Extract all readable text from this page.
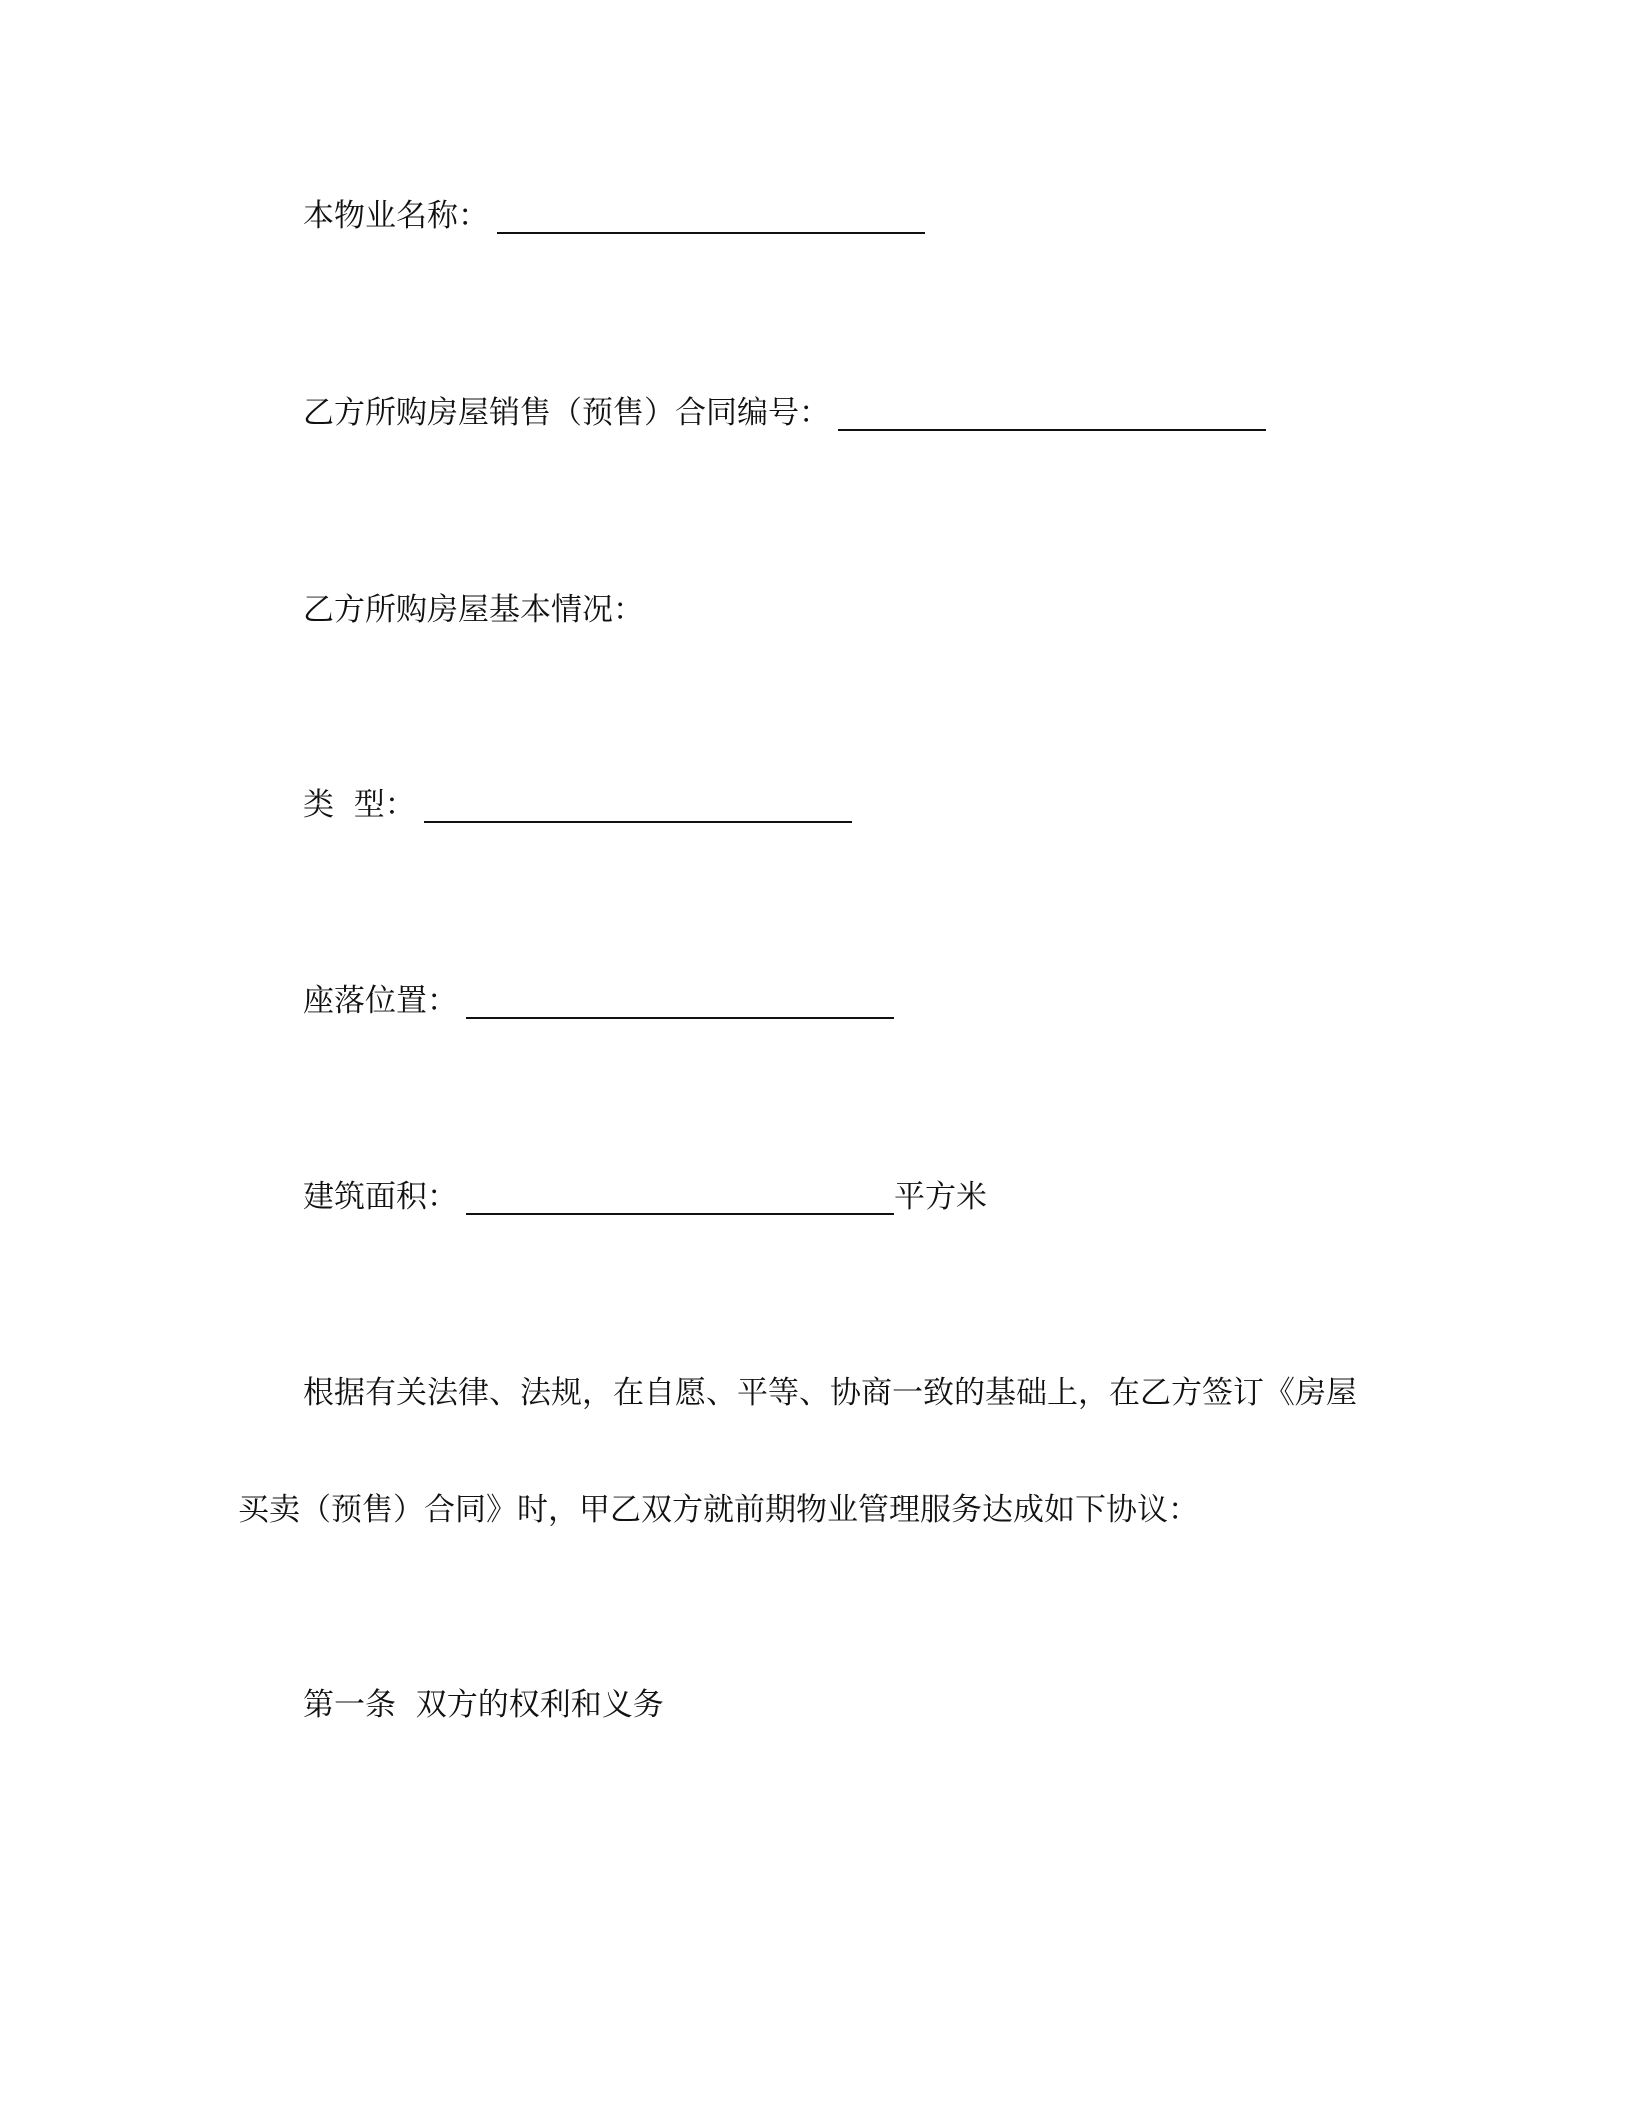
本物业名称：
乙方所购房屋销售（预售）合同编号：
乙方所购房屋基本情况：
类  型：
座落位置：
建筑面积：	平方米
根据有关法律、法规，在自愿、平等、协商一致的基础上，在乙方签订《房屋
买卖（预售）合同》时，甲乙双方就前期物业管理服务达成如下协议：
第一条  双方的权利和义务
